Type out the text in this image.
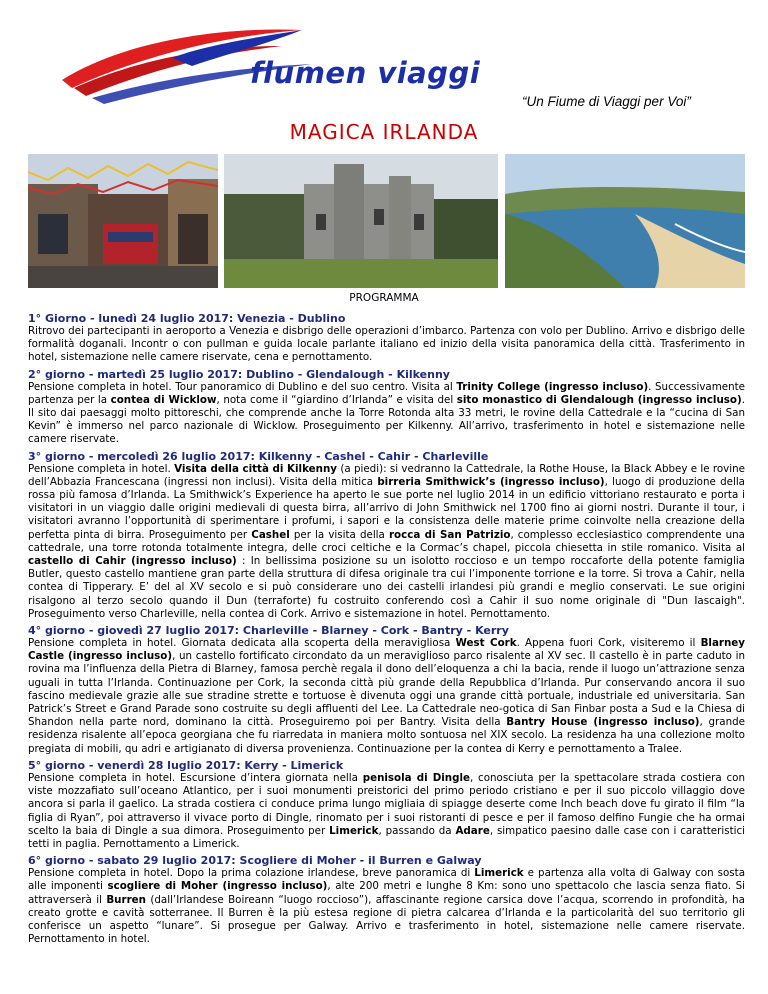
flumen viaggi
“Un Fiume di Viaggi per Voi”
MAGICA IRLANDA
PROGRAMMA
1° Giorno - lunedì 24 luglio 2017: Venezia - Dublino

Ritrovo dei partecipanti in aeroporto a Venezia e disbrigo delle operazioni d’imbarco. Partenza con volo per Dublino. Arrivo e disbrigo delle formalità doganali. Incontr o con pullman e guida locale parlante italiano ed inizio della visita panoramica della città. Trasferimento in hotel, sistemazione nelle camere riservate, cena e pernottamento.

2° giorno - martedì 25 luglio 2017: Dublino - Glendalough - Kilkenny

Pensione completa in hotel. Tour panoramico di Dublino e del suo centro. Visita al Trinity College (ingresso incluso). Successivamente partenza per la contea di Wicklow, nota come il “giardino d’Irlanda” e visita del sito monastico di Glendalough (ingresso incluso). Il sito dai paesaggi molto pittoreschi, che comprende anche la Torre Rotonda alta 33 metri, le rovine della Cattedrale e la “cucina di San Kevin” è immerso nel parco nazionale di Wicklow. Proseguimento per Kilkenny. All’arrivo, trasferimento in hotel e sistemazione nelle camere riservate.

3° giorno - mercoledì 26 luglio 2017: Kilkenny - Cashel - Cahir - Charleville

Pensione completa in hotel. Visita della città di Kilkenny (a piedi): si vedranno la Cattedrale, la Rothe House, la Black Abbey e le rovine dell’Abbazia Francescana (ingressi non inclusi). Visita della mitica birreria Smithwick’s (ingresso incluso), luogo di produzione della rossa più famosa d’Irlanda. La Smithwick’s Experience ha aperto le sue porte nel luglio 2014 in un edificio vittoriano restaurato e porta i visitatori in un viaggio dalle origini medievali di questa birra, all’arrivo di John Smithwick nel 1700 fino ai giorni nostri. Durante il tour, i visitatori avranno l’opportunità di sperimentare i profumi, i sapori e la consistenza delle materie prime coinvolte nella creazione della perfetta pinta di birra. Proseguimento per Cashel per la visita della rocca di San Patrizio, complesso ecclesiastico comprendente una cattedrale, una torre rotonda totalmente integra, delle croci celtiche e la Cormac’s chapel, piccola chiesetta in stile romanico. Visita al castello di Cahir (ingresso incluso) : In bellissima posizione su un isolotto roccioso e un tempo roccaforte della potente famiglia Butler, questo castello mantiene gran parte della struttura di difesa originale tra cui l’imponente torrione e la torre. Si trova a Cahir, nella contea di Tipperary. E’ del al XV secolo e si può considerare uno dei castelli irlandesi più grandi e meglio conservati. Le sue origini risalgono al terzo secolo quando il Dun (terraforte) fu costruito conferendo così a Cahir il suo nome originale di "Dun Iascaigh". Proseguimento verso Charleville, nella contea di Cork. Arrivo e sistemazione in hotel. Pernottamento.

4° giorno - giovedì 27 luglio 2017: Charleville - Blarney - Cork - Bantry - Kerry

Pensione completa in hotel. Giornata dedicata alla scoperta della meravigliosa West Cork. Appena fuori Cork, visiteremo il Blarney Castle (ingresso incluso), un castello fortificato circondato da un meraviglioso parco risalente al XV sec. Il castello è in parte caduto in rovina ma l’influenza della Pietra di Blarney, famosa perchè regala il dono dell’eloquenza a chi la bacia, rende il luogo un’attrazione senza uguali in tutta l’Irlanda. Continuazione per Cork, la seconda città più grande della Repubblica d’Irlanda. Pur conservando ancora il suo fascino medievale grazie alle sue stradine strette e tortuose è divenuta oggi una grande città portuale, industriale ed universitaria. San Patrick’s Street e Grand Parade sono costruite su degli affluenti del Lee. La Cattedrale neo-gotica di San Finbar posta a Sud e la Chiesa di Shandon nella parte nord, dominano la città. Proseguiremo poi per Bantry. Visita della Bantry House (ingresso incluso), grande residenza risalente all’epoca georgiana che fu riarredata in maniera molto sontuosa nel XIX secolo. La residenza ha una collezione molto pregiata di mobili, qu adri e artigianato di diversa provenienza. Continuazione per la contea di Kerry e pernottamento a Tralee.

5° giorno - venerdì 28 luglio 2017: Kerry - Limerick

Pensione completa in hotel. Escursione d’intera giornata nella penisola di Dingle, conosciuta per la spettacolare strada costiera con viste mozzafiato sull’oceano Atlantico, per i suoi monumenti preistorici del primo periodo cristiano e per il suo piccolo villaggio dove ancora si parla il gaelico. La strada costiera ci conduce prima lungo migliaia di spiagge deserte come Inch beach dove fu girato il film “la figlia di Ryan”, poi attraverso il vivace porto di Dingle, rinomato per i suoi ristoranti di pesce e per il famoso delfino Fungie che ha ormai scelto la baia di Dingle a sua dimora. Proseguimento per Limerick, passando da Adare, simpatico paesino dalle case con i caratteristici tetti in paglia. Pernottamento a Limerick.

6° giorno - sabato 29 luglio 2017: Scogliere di Moher - il Burren e Galway

Pensione completa in hotel. Dopo la prima colazione irlandese, breve panoramica di Limerick e partenza alla volta di Galway con sosta alle imponenti scogliere di Moher (ingresso incluso), alte 200 metri e lunghe 8 Km: sono uno spettacolo che lascia senza fiato. Si attraverserà il Burren (dall’Irlandese Boireann “luogo roccioso”), affascinante regione carsica dove l’acqua, scorrendo in profondità, ha creato grotte e cavità sotterranee. Il Burren è la più estesa regione di pietra calcarea d’Irlanda e la particolarità del suo territorio gli conferisce un aspetto “lunare”. Si prosegue per Galway. Arrivo e trasferimento in hotel, sistemazione nelle camere riservate. Pernottamento in hotel.
